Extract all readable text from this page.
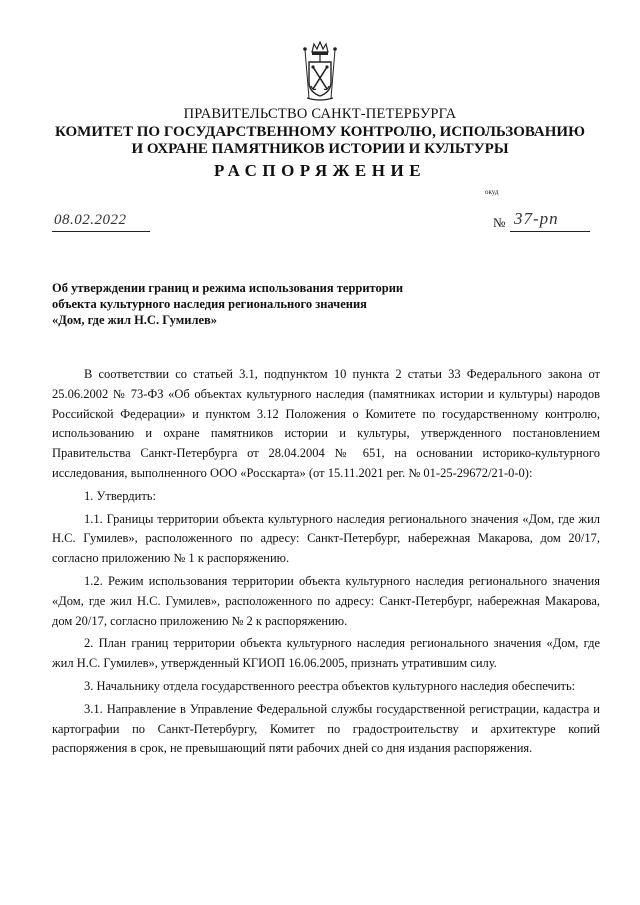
ПРАВИТЕЛЬСТВО САНКТ-ПЕТЕРБУРГА
КОМИТЕТ ПО ГОСУДАРСТВЕННОМУ КОНТРОЛЮ, ИСПОЛЬЗОВАНИЮ
И ОХРАНЕ ПАМЯТНИКОВ ИСТОРИИ И КУЛЬТУРЫ
РАСПОРЯЖЕНИЕ
окуд
08.02.2022	№ 37-рп
Об утверждении границ и режима использования территории
объекта культурного наследия регионального значения
«Дом, где жил Н.С. Гумилев»

В соответствии со статьей 3.1, подпунктом 10 пункта 2 статьи 33 Федерального закона от 25.06.2002 № 73-ФЗ «Об объектах культурного наследия (памятниках истории и культуры) народов Российской Федерации» и пунктом 3.12 Положения о Комитете по государственному контролю, использованию и охране памятников истории и культуры, утвержденного постановлением Правительства Санкт-Петербурга от 28.04.2004 № 651, на основании историко-культурного исследования, выполненного ООО «Росскарта» (от 15.11.2021 рег. № 01-25-29672/21-0-0):

1. Утвердить:

1.1. Границы территории объекта культурного наследия регионального значения «Дом, где жил Н.С. Гумилев», расположенного по адресу: Санкт-Петербург, набережная Макарова, дом 20/17, согласно приложению № 1 к распоряжению.

1.2. Режим использования территории объекта культурного наследия регионального значения «Дом, где жил Н.С. Гумилев», расположенного по адресу: Санкт-Петербург, набережная Макарова, дом 20/17, согласно приложению № 2 к распоряжению.

2. План границ территории объекта культурного наследия регионального значения «Дом, где жил Н.С. Гумилев», утвержденный КГИОП 16.06.2005, признать утратившим силу.

3. Начальнику отдела государственного реестра объектов культурного наследия обеспечить:

3.1. Направление в Управление Федеральной службы государственной регистрации, кадастра и картографии по Санкт-Петербургу, Комитет по градостроительству и архитектуре копий распоряжения в срок, не превышающий пяти рабочих дней со дня издания распоряжения.
